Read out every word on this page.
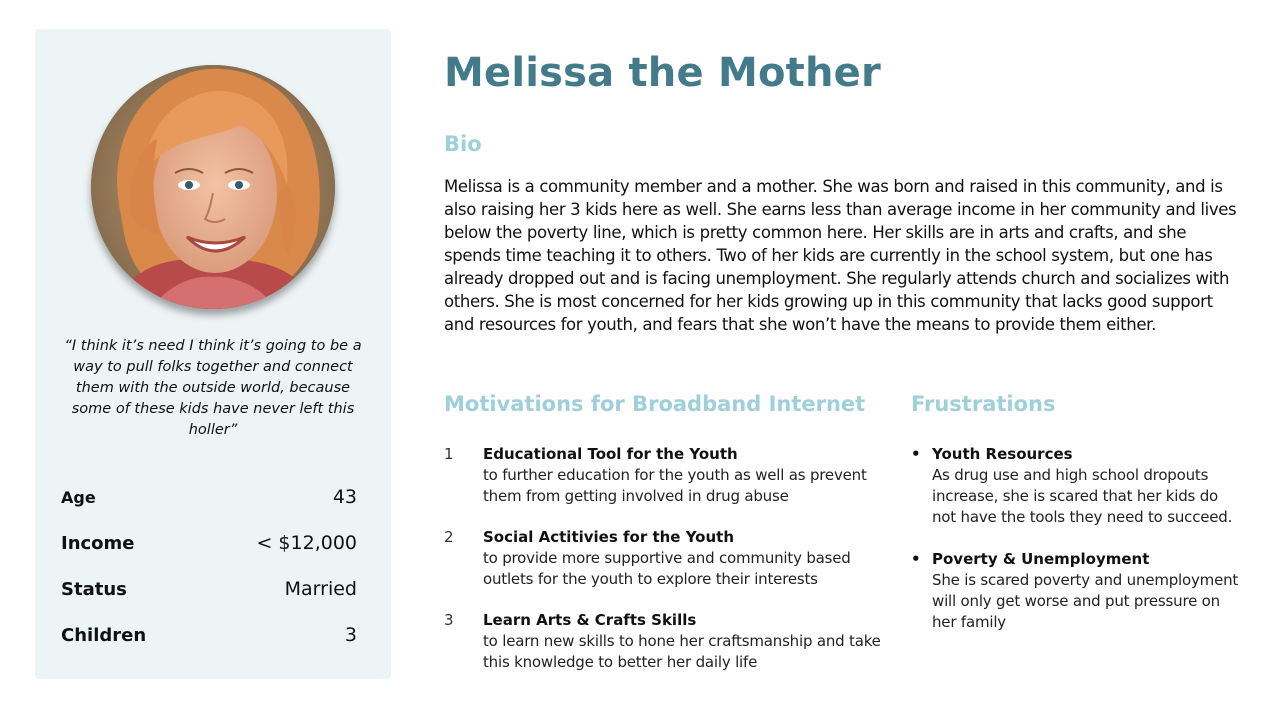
“I think it’s need I think it’s going to be a way to pull folks together and connect them with the outside world, because some of these kids have never left this holler”
Age	43
Income	< $12,000
Status	Married
Children	3
Melissa the Mother
Bio

Melissa is a community member and a mother. She was born and raised in this community, and is also raising her 3 kids here as well. She earns less than average income in her community and lives below the poverty line, which is pretty common here. Her skills are in arts and crafts, and she spends time teaching it to others. Two of her kids are currently in the school system, but one has already dropped out and is facing unemployment. She regularly attends church and socializes with others. She is most concerned for her kids growing up in this community that lacks good support and resources for youth, and fears that she won’t have the means to provide them either.

Motivations for Broadband Internet
1	Educational Tool for the Youth
to further education for the youth as well as prevent them from getting involved in drug abuse
2	Social Actitivies for the Youth
to provide more supportive and community based outlets for the youth to explore their interests
3	Learn Arts & Crafts Skills
to learn new skills to hone her craftsmanship and take this knowledge to better her daily life
Frustrations
• Youth Resources
As drug use and high school dropouts increase, she is scared that her kids do not have the tools they need to succeed.
• Poverty & Unemployment
She is scared poverty and unemployment will only get worse and put pressure on her family
